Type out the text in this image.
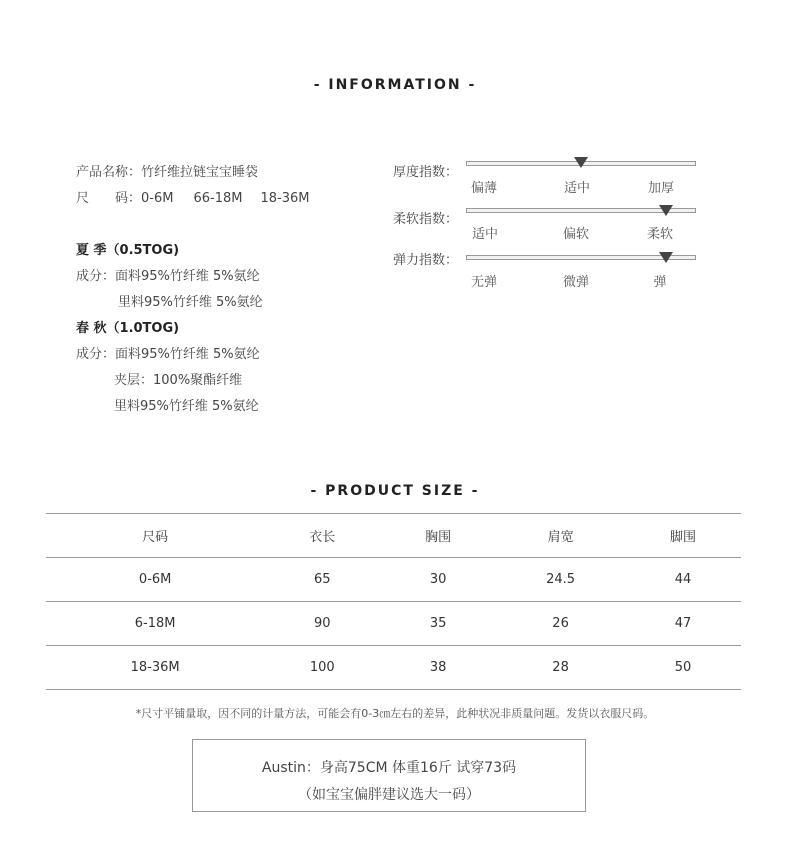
- INFORMATION -
产品名称：竹纤维拉链宝宝睡袋
尺　　码：0-6M 66-18M 18-36M
夏 季（0.5TOG)
成分：面料95%竹纤维 5%氨纶
里料95%竹纤维 5%氨纶
春 秋（1.0TOG)
成分：面料95%竹纤维 5%氨纶
夹层：100%聚酯纤维
里料95%竹纤维 5%氨纶
厚度指数：
偏薄	适中	加厚
柔软指数：
适中	偏软	柔软
弹力指数：
无弹	微弹	弹
- PRODUCT SIZE -
尺码	衣长	胸围	肩宽	脚围
0-6M	65	30	24.5	44
6-18M	90	35	26	47
18-36M	100	38	28	50
*尺寸平铺量取，因不同的计量方法，可能会有0-3㎝左右的差异，此种状况非质量问题。发货以衣服尺码。
Austin：身高75CM 体重16斤 试穿73码
（如宝宝偏胖建议选大一码）
